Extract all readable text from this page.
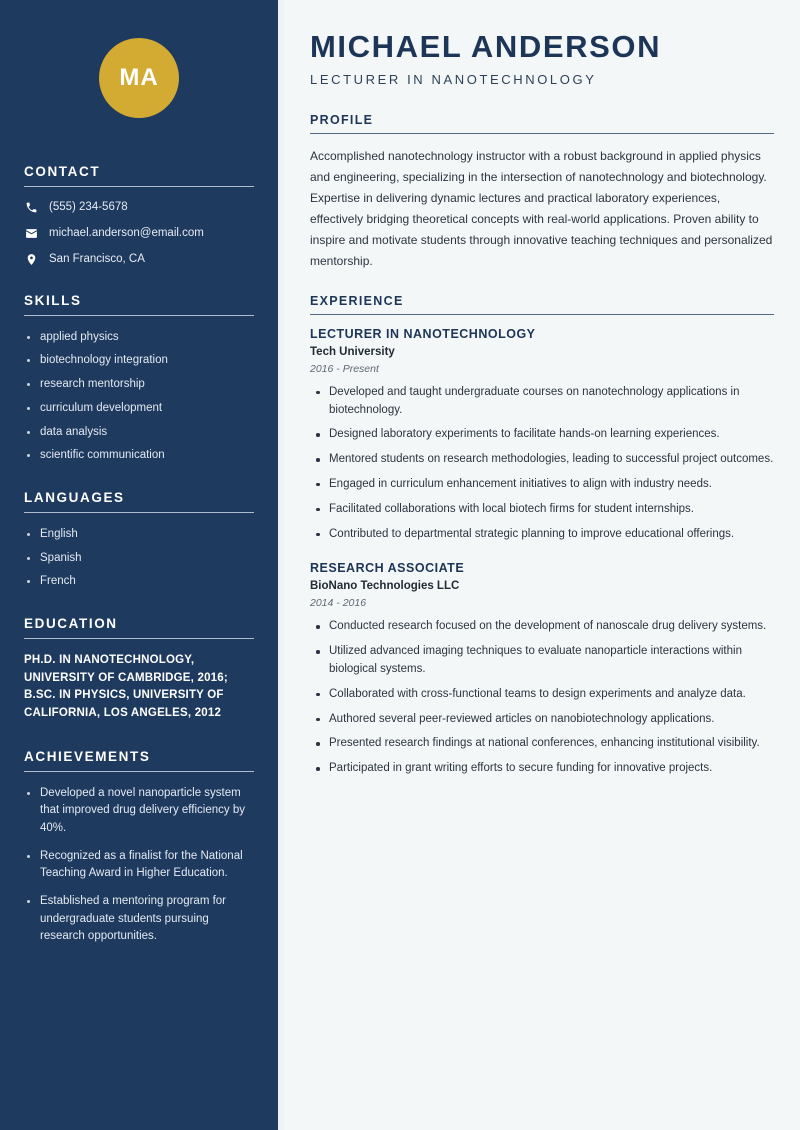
MA
CONTACT
(555) 234-5678
michael.anderson@email.com
San Francisco, CA
SKILLS
applied physics
biotechnology integration
research mentorship
curriculum development
data analysis
scientific communication
LANGUAGES
English
Spanish
French
EDUCATION
PH.D. IN NANOTECHNOLOGY, UNIVERSITY OF CAMBRIDGE, 2016; B.SC. IN PHYSICS, UNIVERSITY OF CALIFORNIA, LOS ANGELES, 2012
ACHIEVEMENTS
Developed a novel nanoparticle system that improved drug delivery efficiency by 40%.
Recognized as a finalist for the National Teaching Award in Higher Education.
Established a mentoring program for undergraduate students pursuing research opportunities.
MICHAEL ANDERSON
LECTURER IN NANOTECHNOLOGY
PROFILE

Accomplished nanotechnology instructor with a robust background in applied physics and engineering, specializing in the intersection of nanotechnology and biotechnology. Expertise in delivering dynamic lectures and practical laboratory experiences, effectively bridging theoretical concepts with real-world applications. Proven ability to inspire and motivate students through innovative teaching techniques and personalized mentorship.

EXPERIENCE
LECTURER IN NANOTECHNOLOGY
Tech University
2016 - Present
Developed and taught undergraduate courses on nanotechnology applications in biotechnology.
Designed laboratory experiments to facilitate hands-on learning experiences.
Mentored students on research methodologies, leading to successful project outcomes.
Engaged in curriculum enhancement initiatives to align with industry needs.
Facilitated collaborations with local biotech firms for student internships.
Contributed to departmental strategic planning to improve educational offerings.
RESEARCH ASSOCIATE
BioNano Technologies LLC
2014 - 2016
Conducted research focused on the development of nanoscale drug delivery systems.
Utilized advanced imaging techniques to evaluate nanoparticle interactions within biological systems.
Collaborated with cross-functional teams to design experiments and analyze data.
Authored several peer-reviewed articles on nanobiotechnology applications.
Presented research findings at national conferences, enhancing institutional visibility.
Participated in grant writing efforts to secure funding for innovative projects.
